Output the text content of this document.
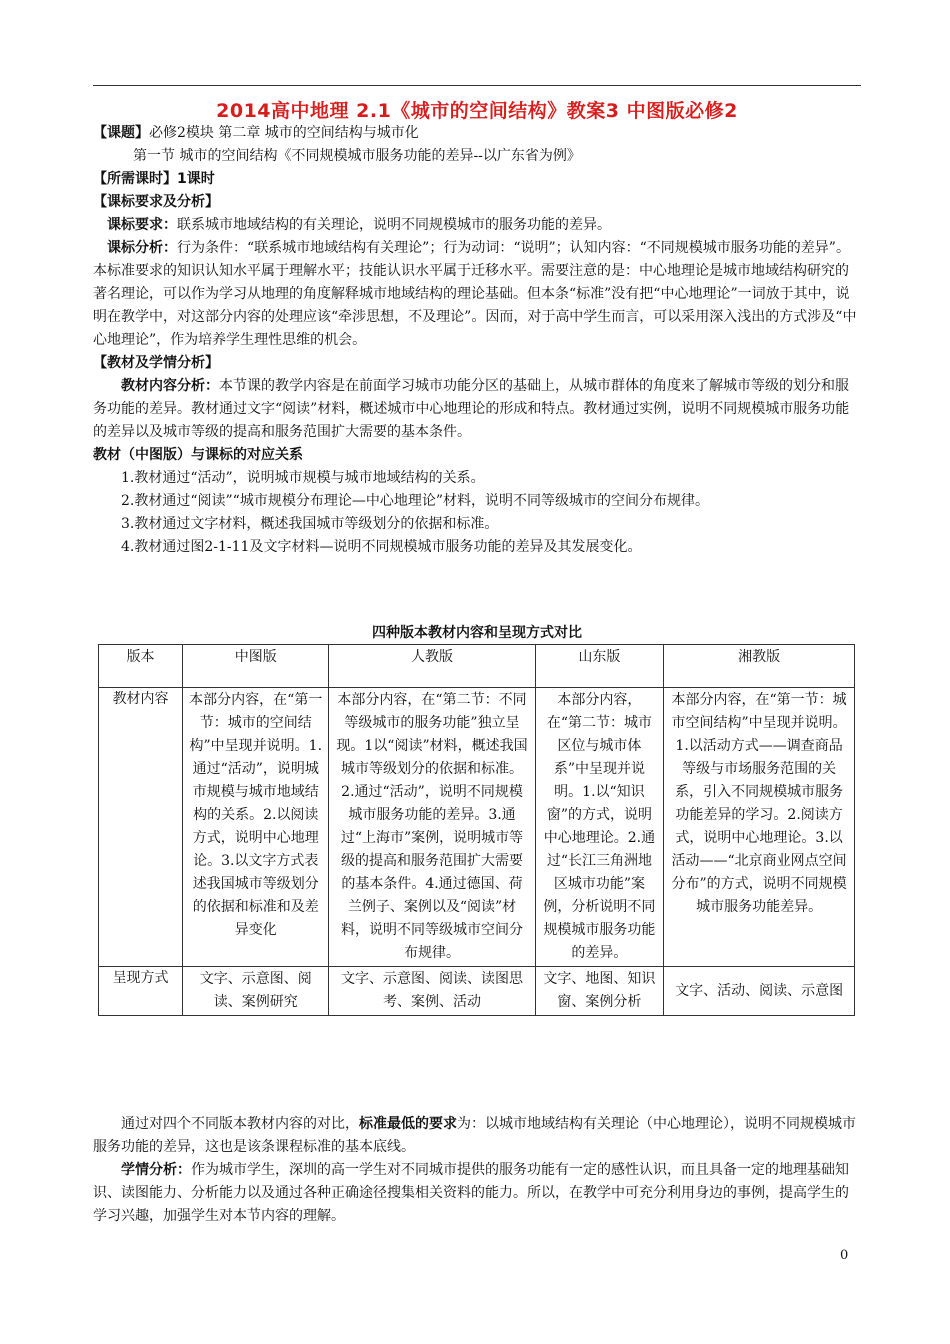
2014高中地理 2.1《城市的空间结构》教案3 中图版必修2

【课题】必修2模块 第二章 城市的空间结构与城市化

第一节 城市的空间结构《不同规模城市服务功能的差异--以广东省为例》

【所需课时】1课时

【课标要求及分析】

课标要求：联系城市地域结构的有关理论，说明不同规模城市的服务功能的差异。

课标分析：行为条件：“联系城市地域结构有关理论”；行为动词：“说明”；认知内容：“不同规模城市服务功能的差异”。本标准要求的知识认知水平属于理解水平；技能认识水平属于迁移水平。需要注意的是：中心地理论是城市地域结构研究的著名理论，可以作为学习从地理的角度解释城市地域结构的理论基础。但本条“标准”没有把“中心地理论”一词放于其中，说明在教学中，对这部分内容的处理应该“牵涉思想，不及理论”。因而，对于高中学生而言，可以采用深入浅出的方式涉及“中心地理论”，作为培养学生理性思维的机会。

【教材及学情分析】

教材内容分析：本节课的教学内容是在前面学习城市功能分区的基础上，从城市群体的角度来了解城市等级的划分和服务功能的差异。教材通过文字“阅读”材料，概述城市中心地理论的形成和特点。教材通过实例，说明不同规模城市服务功能的差异以及城市等级的提高和服务范围扩大需要的基本条件。

教材（中图版）与课标的对应关系

1.教材通过“活动”，说明城市规模与城市地域结构的关系。

2.教材通过“阅读”“城市规模分布理论—中心地理论”材料，说明不同等级城市的空间分布规律。

3.教材通过文字材料，概述我国城市等级划分的依据和标准。

4.教材通过图2-1-11及文字材料—说明不同规模城市服务功能的差异及其发展变化。

四种版本教材内容和呈现方式对比
版本	中图版	人教版	山东版	湘教版
教材内容	本部分内容，在“第一节：城市的空间结构”中呈现并说明。1. 通过“活动”，说明城市规模与城市地域结构的关系。2.以阅读方式，说明中心地理论。3.以文字方式表述我国城市等级划分的依据和标准和及差异变化	本部分内容，在“第二节：不同等级城市的服务功能”独立呈现。1以“阅读”材料，概述我国城市等级划分的依据和标准。2.通过“活动”，说明不同规模城市服务功能的差异。3.通过“上海市”案例，说明城市等级的提高和服务范围扩大需要的基本条件。4.通过德国、荷兰例子、案例以及“阅读”材料，说明不同等级城市空间分布规律。	本部分内容，在“第二节：城市区位与城市体系”中呈现并说明。1.以“知识窗”的方式，说明中心地理论。2.通过“长江三角洲地区城市功能”案例，分析说明不同规模城市服务功能的差异。	本部分内容，在“第一节：城市空间结构”中呈现并说明。1.以活动方式——调查商品等级与市场服务范围的关系，引入不同规模城市服务功能差异的学习。2.阅读方式，说明中心地理论。3.以活动——“北京商业网点空间分布”的方式，说明不同规模城市服务功能差异。
呈现方式	文字、示意图、阅读、案例研究	文字、示意图、阅读、读图思考、案例、活动	文字、地图、知识窗、案例分析	文字、活动、阅读、示意图

通过对四个不同版本教材内容的对比，标准最低的要求为：以城市地域结构有关理论（中心地理论），说明不同规模城市服务功能的差异，这也是该条课程标准的基本底线。

学情分析：作为城市学生，深圳的高一学生对不同城市提供的服务功能有一定的感性认识，而且具备一定的地理基础知识、读图能力、分析能力以及通过各种正确途径搜集相关资料的能力。所以，在教学中可充分利用身边的事例，提高学生的学习兴趣，加强学生对本节内容的理解。

0
